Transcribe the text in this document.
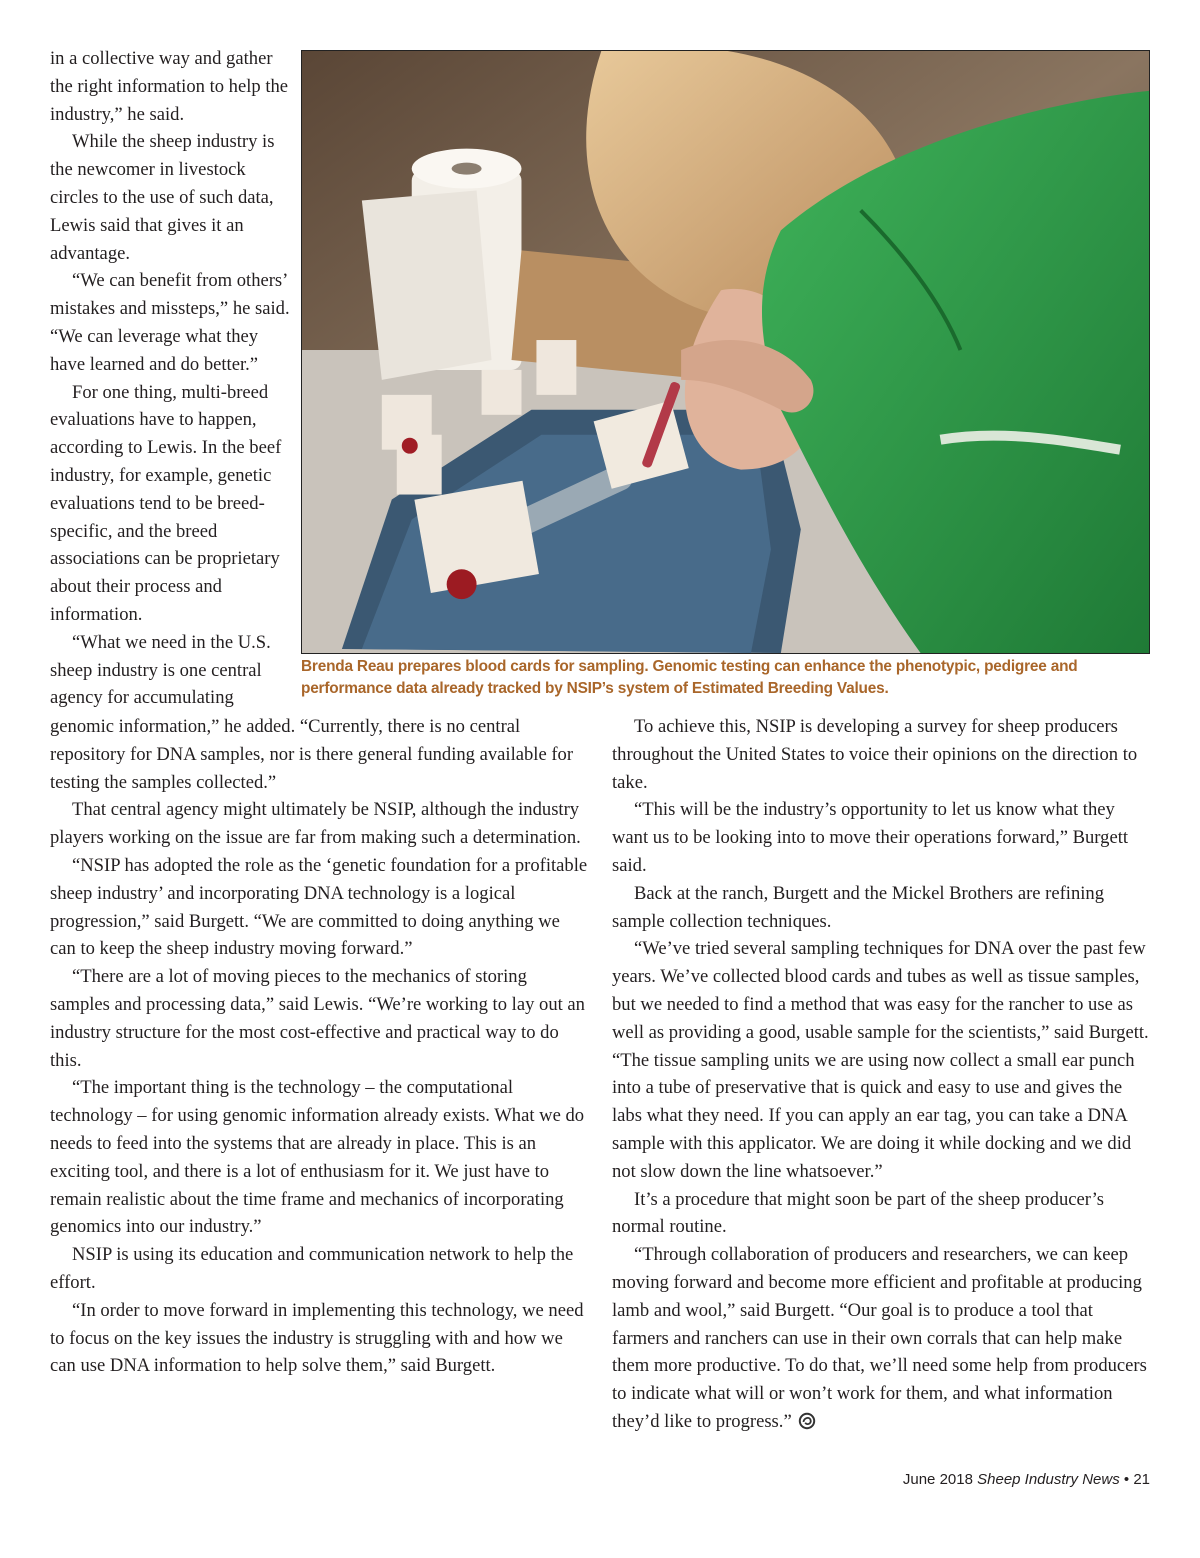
in a collective way and gather the right information to help the industry,” he said.

While the sheep industry is the newcomer in livestock circles to the use of such data, Lewis said that gives it an advantage.

“We can benefit from others’ mistakes and missteps,” he said. “We can leverage what they have learned and do better.”

For one thing, multi-breed evaluations have to happen, according to Lewis. In the beef industry, for example, genetic evaluations tend to be breed-specific, and the breed associations can be proprietary about their process and information.

“What we need in the U.S. sheep industry is one central agency for accumulating

Brenda Reau prepares blood cards for sampling. Genomic testing can enhance the phenotypic, pedigree and performance data already tracked by NSIP’s system of Estimated Breeding Values.

genomic information,” he added. “Currently, there is no central repository for DNA samples, nor is there general funding available for testing the samples collected.”

That central agency might ultimately be NSIP, although the industry players working on the issue are far from making such a determination.

“NSIP has adopted the role as the ‘genetic foundation for a profitable sheep industry’ and incorporating DNA technology is a logical progression,” said Burgett. “We are committed to doing anything we can to keep the sheep industry moving forward.”

“There are a lot of moving pieces to the mechanics of storing samples and processing data,” said Lewis. “We’re working to lay out an industry structure for the most cost-effective and practical way to do this.

“The important thing is the technology – the computational technology – for using genomic information already exists. What we do needs to feed into the systems that are already in place. This is an exciting tool, and there is a lot of enthusiasm for it. We just have to remain realistic about the time frame and mechanics of incorporating genomics into our industry.”

NSIP is using its education and communication network to help the effort.

“In order to move forward in implementing this technology, we need to focus on the key issues the industry is struggling with and how we can use DNA information to help solve them,” said Burgett.

To achieve this, NSIP is developing a survey for sheep producers throughout the United States to voice their opinions on the direction to take.

“This will be the industry’s opportunity to let us know what they want us to be looking into to move their operations forward,” Burgett said.

Back at the ranch, Burgett and the Mickel Brothers are refining sample collection techniques.

“We’ve tried several sampling techniques for DNA over the past few years. We’ve collected blood cards and tubes as well as tissue samples, but we needed to find a method that was easy for the rancher to use as well as providing a good, usable sample for the scientists,” said Burgett. “The tissue sampling units we are using now collect a small ear punch into a tube of preservative that is quick and easy to use and gives the labs what they need. If you can apply an ear tag, you can take a DNA sample with this applicator. We are doing it while docking and we did not slow down the line whatsoever.”

It’s a procedure that might soon be part of the sheep producer’s normal routine.

“Through collaboration of producers and researchers, we can keep moving forward and become more efficient and profitable at producing lamb and wool,” said Burgett. “Our goal is to produce a tool that farmers and ranchers can use in their own corrals that can help make them more productive. To do that, we’ll need some help from producers to indicate what will or won’t work for them, and what information they’d like to progress.”

June 2018 Sheep Industry News • 21
